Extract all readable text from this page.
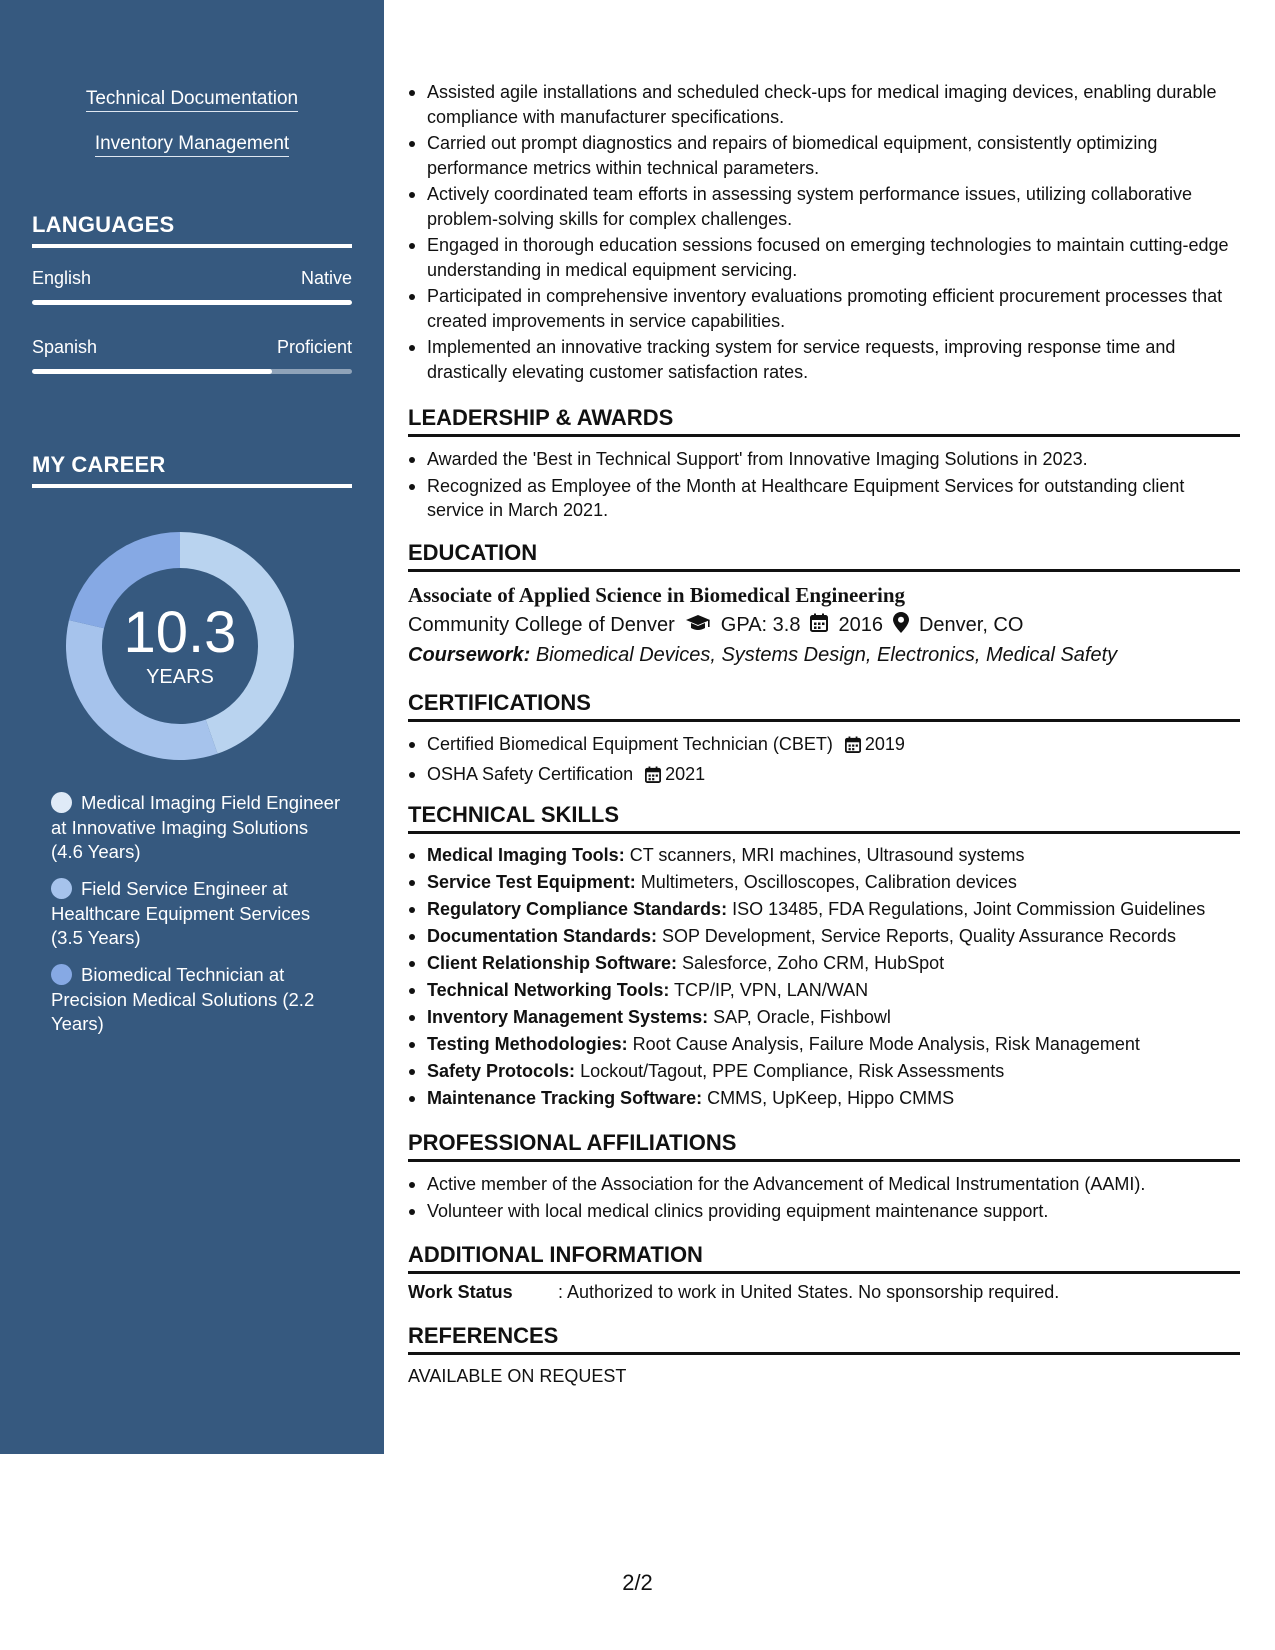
Technical Documentation
Inventory Management
LANGUAGES
English	Native
Spanish	Proficient
MY CAREER
10.3
YEARS
Medical Imaging Field Engineer at Innovative Imaging Solutions (4.6 Years)
Field Service Engineer at Healthcare Equipment Services (3.5 Years)
Biomedical Technician at Precision Medical Solutions (2.2 Years)
Assisted agile installations and scheduled check-ups for medical imaging devices, enabling durable compliance with manufacturer specifications.
Carried out prompt diagnostics and repairs of biomedical equipment, consistently optimizing performance metrics within technical parameters.
Actively coordinated team efforts in assessing system performance issues, utilizing collaborative problem-solving skills for complex challenges.
Engaged in thorough education sessions focused on emerging technologies to maintain cutting-edge understanding in medical equipment servicing.
Participated in comprehensive inventory evaluations promoting efficient procurement processes that created improvements in service capabilities.
Implemented an innovative tracking system for service requests, improving response time and drastically elevating customer satisfaction rates.
LEADERSHIP & AWARDS
Awarded the 'Best in Technical Support' from Innovative Imaging Solutions in 2023.
Recognized as Employee of the Month at Healthcare Equipment Services for outstanding client service in March 2021.
EDUCATION
Associate of Applied Science in Biomedical Engineering
Community College of Denver GPA: 3.8 2016 Denver, CO
Coursework: Biomedical Devices, Systems Design, Electronics, Medical Safety
CERTIFICATIONS
Certified Biomedical Equipment Technician (CBET) 2019
OSHA Safety Certification 2021
TECHNICAL SKILLS
Medical Imaging Tools: CT scanners, MRI machines, Ultrasound systems
Service Test Equipment: Multimeters, Oscilloscopes, Calibration devices
Regulatory Compliance Standards: ISO 13485, FDA Regulations, Joint Commission Guidelines
Documentation Standards: SOP Development, Service Reports, Quality Assurance Records
Client Relationship Software: Salesforce, Zoho CRM, HubSpot
Technical Networking Tools: TCP/IP, VPN, LAN/WAN
Inventory Management Systems: SAP, Oracle, Fishbowl
Testing Methodologies: Root Cause Analysis, Failure Mode Analysis, Risk Management
Safety Protocols: Lockout/Tagout, PPE Compliance, Risk Assessments
Maintenance Tracking Software: CMMS, UpKeep, Hippo CMMS
PROFESSIONAL AFFILIATIONS
Active member of the Association for the Advancement of Medical Instrumentation (AAMI).
Volunteer with local medical clinics providing equipment maintenance support.
ADDITIONAL INFORMATION
Work Status	: Authorized to work in United States. No sponsorship required.
REFERENCES
AVAILABLE ON REQUEST
2/2
